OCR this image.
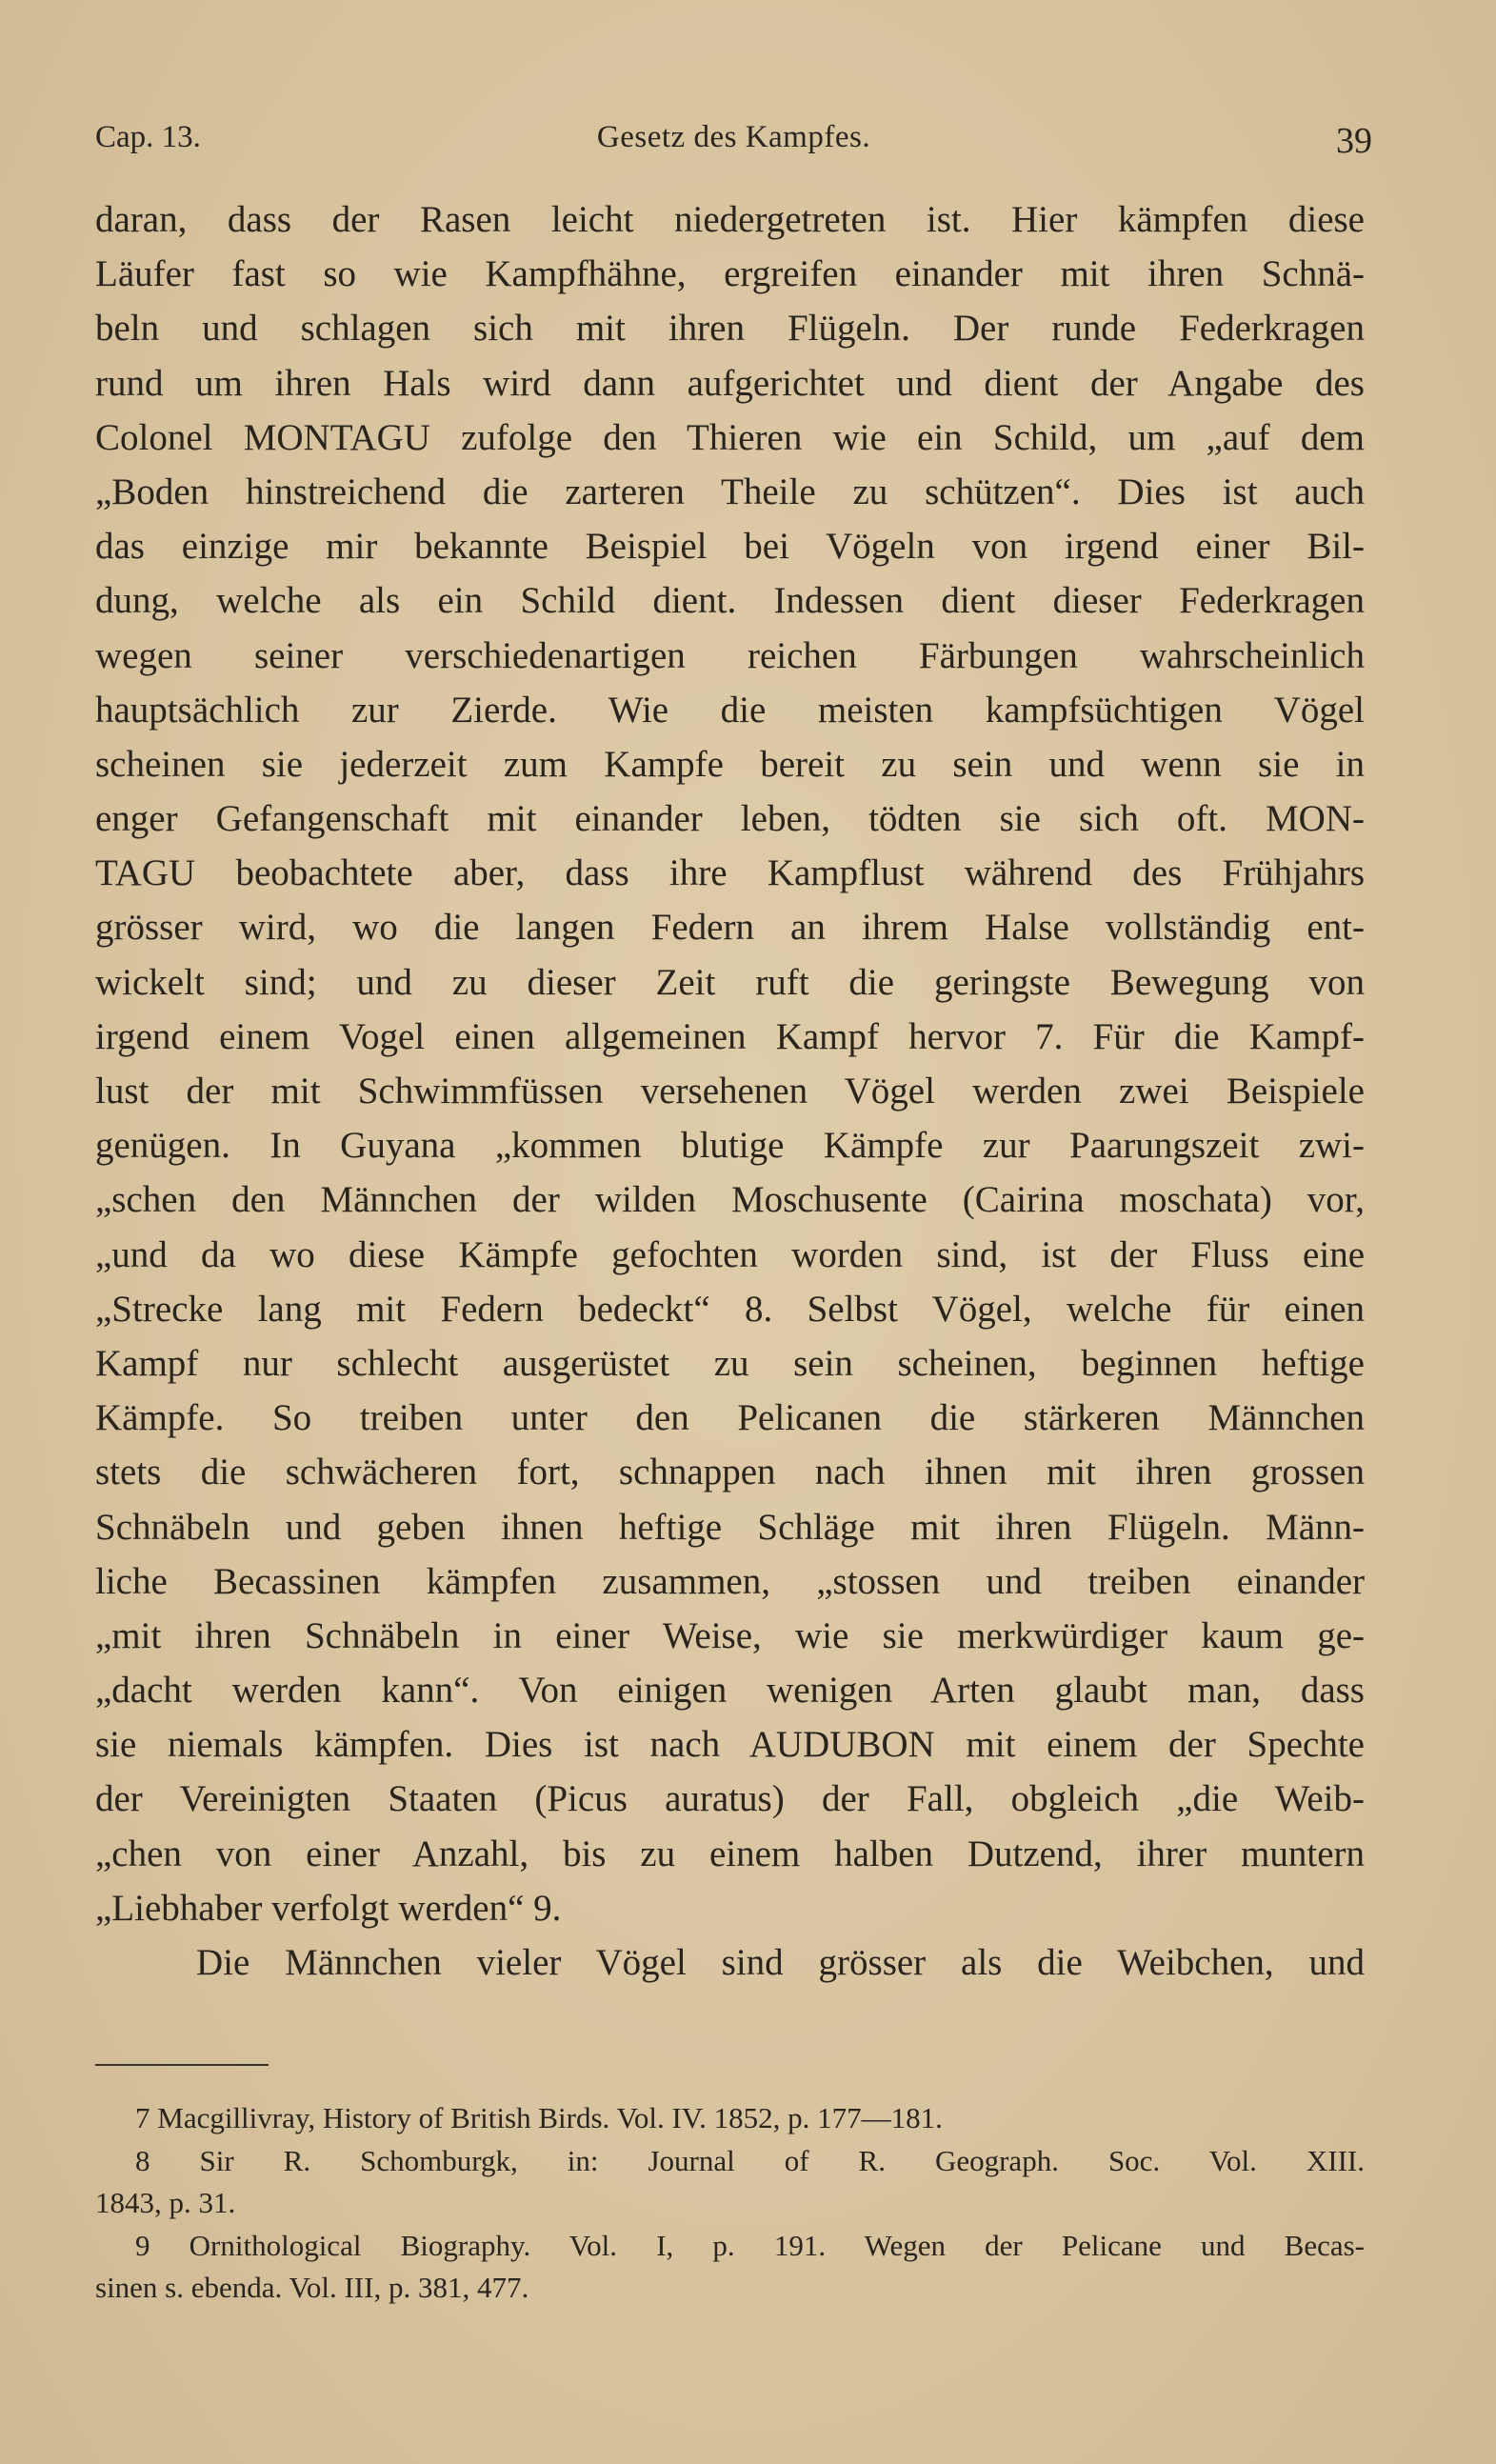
Cap. 13.	Gesetz des Kampfes.	39
daran, dass der Rasen leicht niedergetreten ist. Hier kämpfen diese
Läufer fast so wie Kampfhähne, ergreifen einander mit ihren Schnä-
beln und schlagen sich mit ihren Flügeln. Der runde Federkragen
rund um ihren Hals wird dann aufgerichtet und dient der Angabe des
Colonel MONTAGU zufolge den Thieren wie ein Schild, um „auf dem
„Boden hinstreichend die zarteren Theile zu schützen“. Dies ist auch
das einzige mir bekannte Beispiel bei Vögeln von irgend einer Bil-
dung, welche als ein Schild dient. Indessen dient dieser Federkragen
wegen seiner verschiedenartigen reichen Färbungen wahrscheinlich
hauptsächlich zur Zierde. Wie die meisten kampfsüchtigen Vögel
scheinen sie jederzeit zum Kampfe bereit zu sein und wenn sie in
enger Gefangenschaft mit einander leben, tödten sie sich oft. MON-
TAGU beobachtete aber, dass ihre Kampflust während des Frühjahrs
grösser wird, wo die langen Federn an ihrem Halse vollständig ent-
wickelt sind; und zu dieser Zeit ruft die geringste Bewegung von
irgend einem Vogel einen allgemeinen Kampf hervor 7. Für die Kampf-
lust der mit Schwimmfüssen versehenen Vögel werden zwei Beispiele
genügen. In Guyana „kommen blutige Kämpfe zur Paarungszeit zwi-
„schen den Männchen der wilden Moschusente (Cairina moschata) vor,
„und da wo diese Kämpfe gefochten worden sind, ist der Fluss eine
„Strecke lang mit Federn bedeckt“ 8. Selbst Vögel, welche für einen
Kampf nur schlecht ausgerüstet zu sein scheinen, beginnen heftige
Kämpfe. So treiben unter den Pelicanen die stärkeren Männchen
stets die schwächeren fort, schnappen nach ihnen mit ihren grossen
Schnäbeln und geben ihnen heftige Schläge mit ihren Flügeln. Männ-
liche Becassinen kämpfen zusammen, „stossen und treiben einander
„mit ihren Schnäbeln in einer Weise, wie sie merkwürdiger kaum ge-
„dacht werden kann“. Von einigen wenigen Arten glaubt man, dass
sie niemals kämpfen. Dies ist nach AUDUBON mit einem der Spechte
der Vereinigten Staaten (Picus auratus) der Fall, obgleich „die Weib-
„chen von einer Anzahl, bis zu einem halben Dutzend, ihrer muntern
„Liebhaber verfolgt werden“ 9.
Die Männchen vieler Vögel sind grösser als die Weibchen, und
7 Macgillivray, History of British Birds. Vol. IV. 1852, p. 177—181.
8 Sir R. Schomburgk, in: Journal of R. Geograph. Soc. Vol. XIII.
1843, p. 31.
9 Ornithological Biography. Vol. I, p. 191. Wegen der Pelicane und Becas-
sinen s. ebenda. Vol. III, p. 381, 477.
